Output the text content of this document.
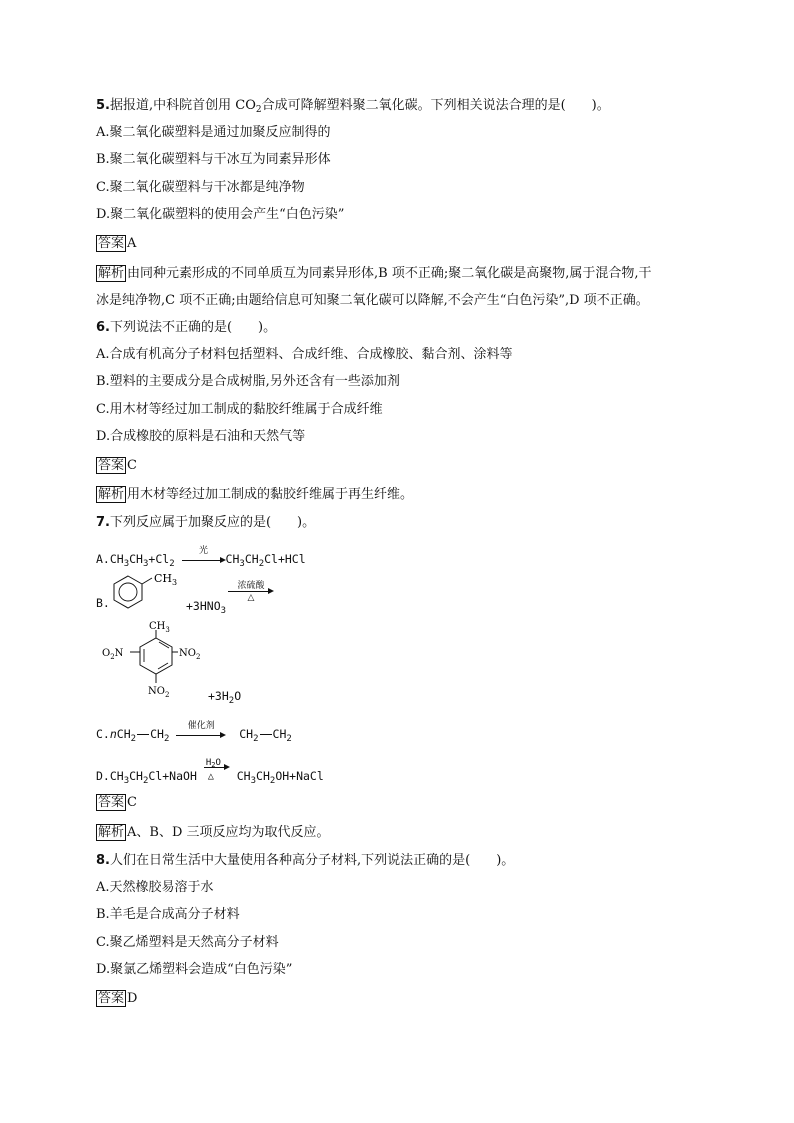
5.据报道,中科院首创用 $CO_2$合成可降解塑料聚二氧化碳。下列相关说法合理的是(　　)。
A.聚二氧化碳塑料是通过加聚反应制得的
B.聚二氧化碳塑料与干冰互为同素异形体
C.聚二氧化碳塑料与干冰都是纯净物
D.聚二氧化碳塑料的使用会产生“白色污染”
答案 A
解析 由同种元素形成的不同单质互为同素异形体,B 项不正确;聚二氧化碳是高聚物,属于混合物,干
冰是纯净物,C 项不正确;由题给信息可知聚二氧化碳可以降解,不会产生“白色污染”,D 项不正确。
6.下列说法不正确的是(　　)。
A.合成有机高分子材料包括塑料、合成纤维、合成橡胶、黏合剂、涂料等
B.塑料的主要成分是合成树脂,另外还含有一些添加剂
C.用木材等经过加工制成的黏胶纤维属于合成纤维
D.合成橡胶的原料是石油和天然气等
答案 C
解析 用木材等经过加工制成的黏胶纤维属于再生纤维。
7.下列反应属于加聚反应的是(　　)。
$A.CH_3CH_3+Cl_2$
光
$CH_3CH_2Cl+HCl$
B.
$CH_3$
$+3HNO_3$
浓硫酸
△
$CH_3$
$O_2N$	$NO_2$
$NO_2$	$+3H_2O$
C.nCH$_2$ $CH_2$
催化剂
$CH_2$ $CH_2$
$D.CH_3CH_2Cl+NaOH$
$H_2O$
△ $CH_3CH_2OH+NaCl$
答案 C
解析 A、B、D 三项反应均为取代反应。
8.人们在日常生活中大量使用各种高分子材料,下列说法正确的是(　　)。
A.天然橡胶易溶于水
B.羊毛是合成高分子材料
C.聚乙烯塑料是天然高分子材料
D.聚氯乙烯塑料会造成“白色污染”
答案 D
